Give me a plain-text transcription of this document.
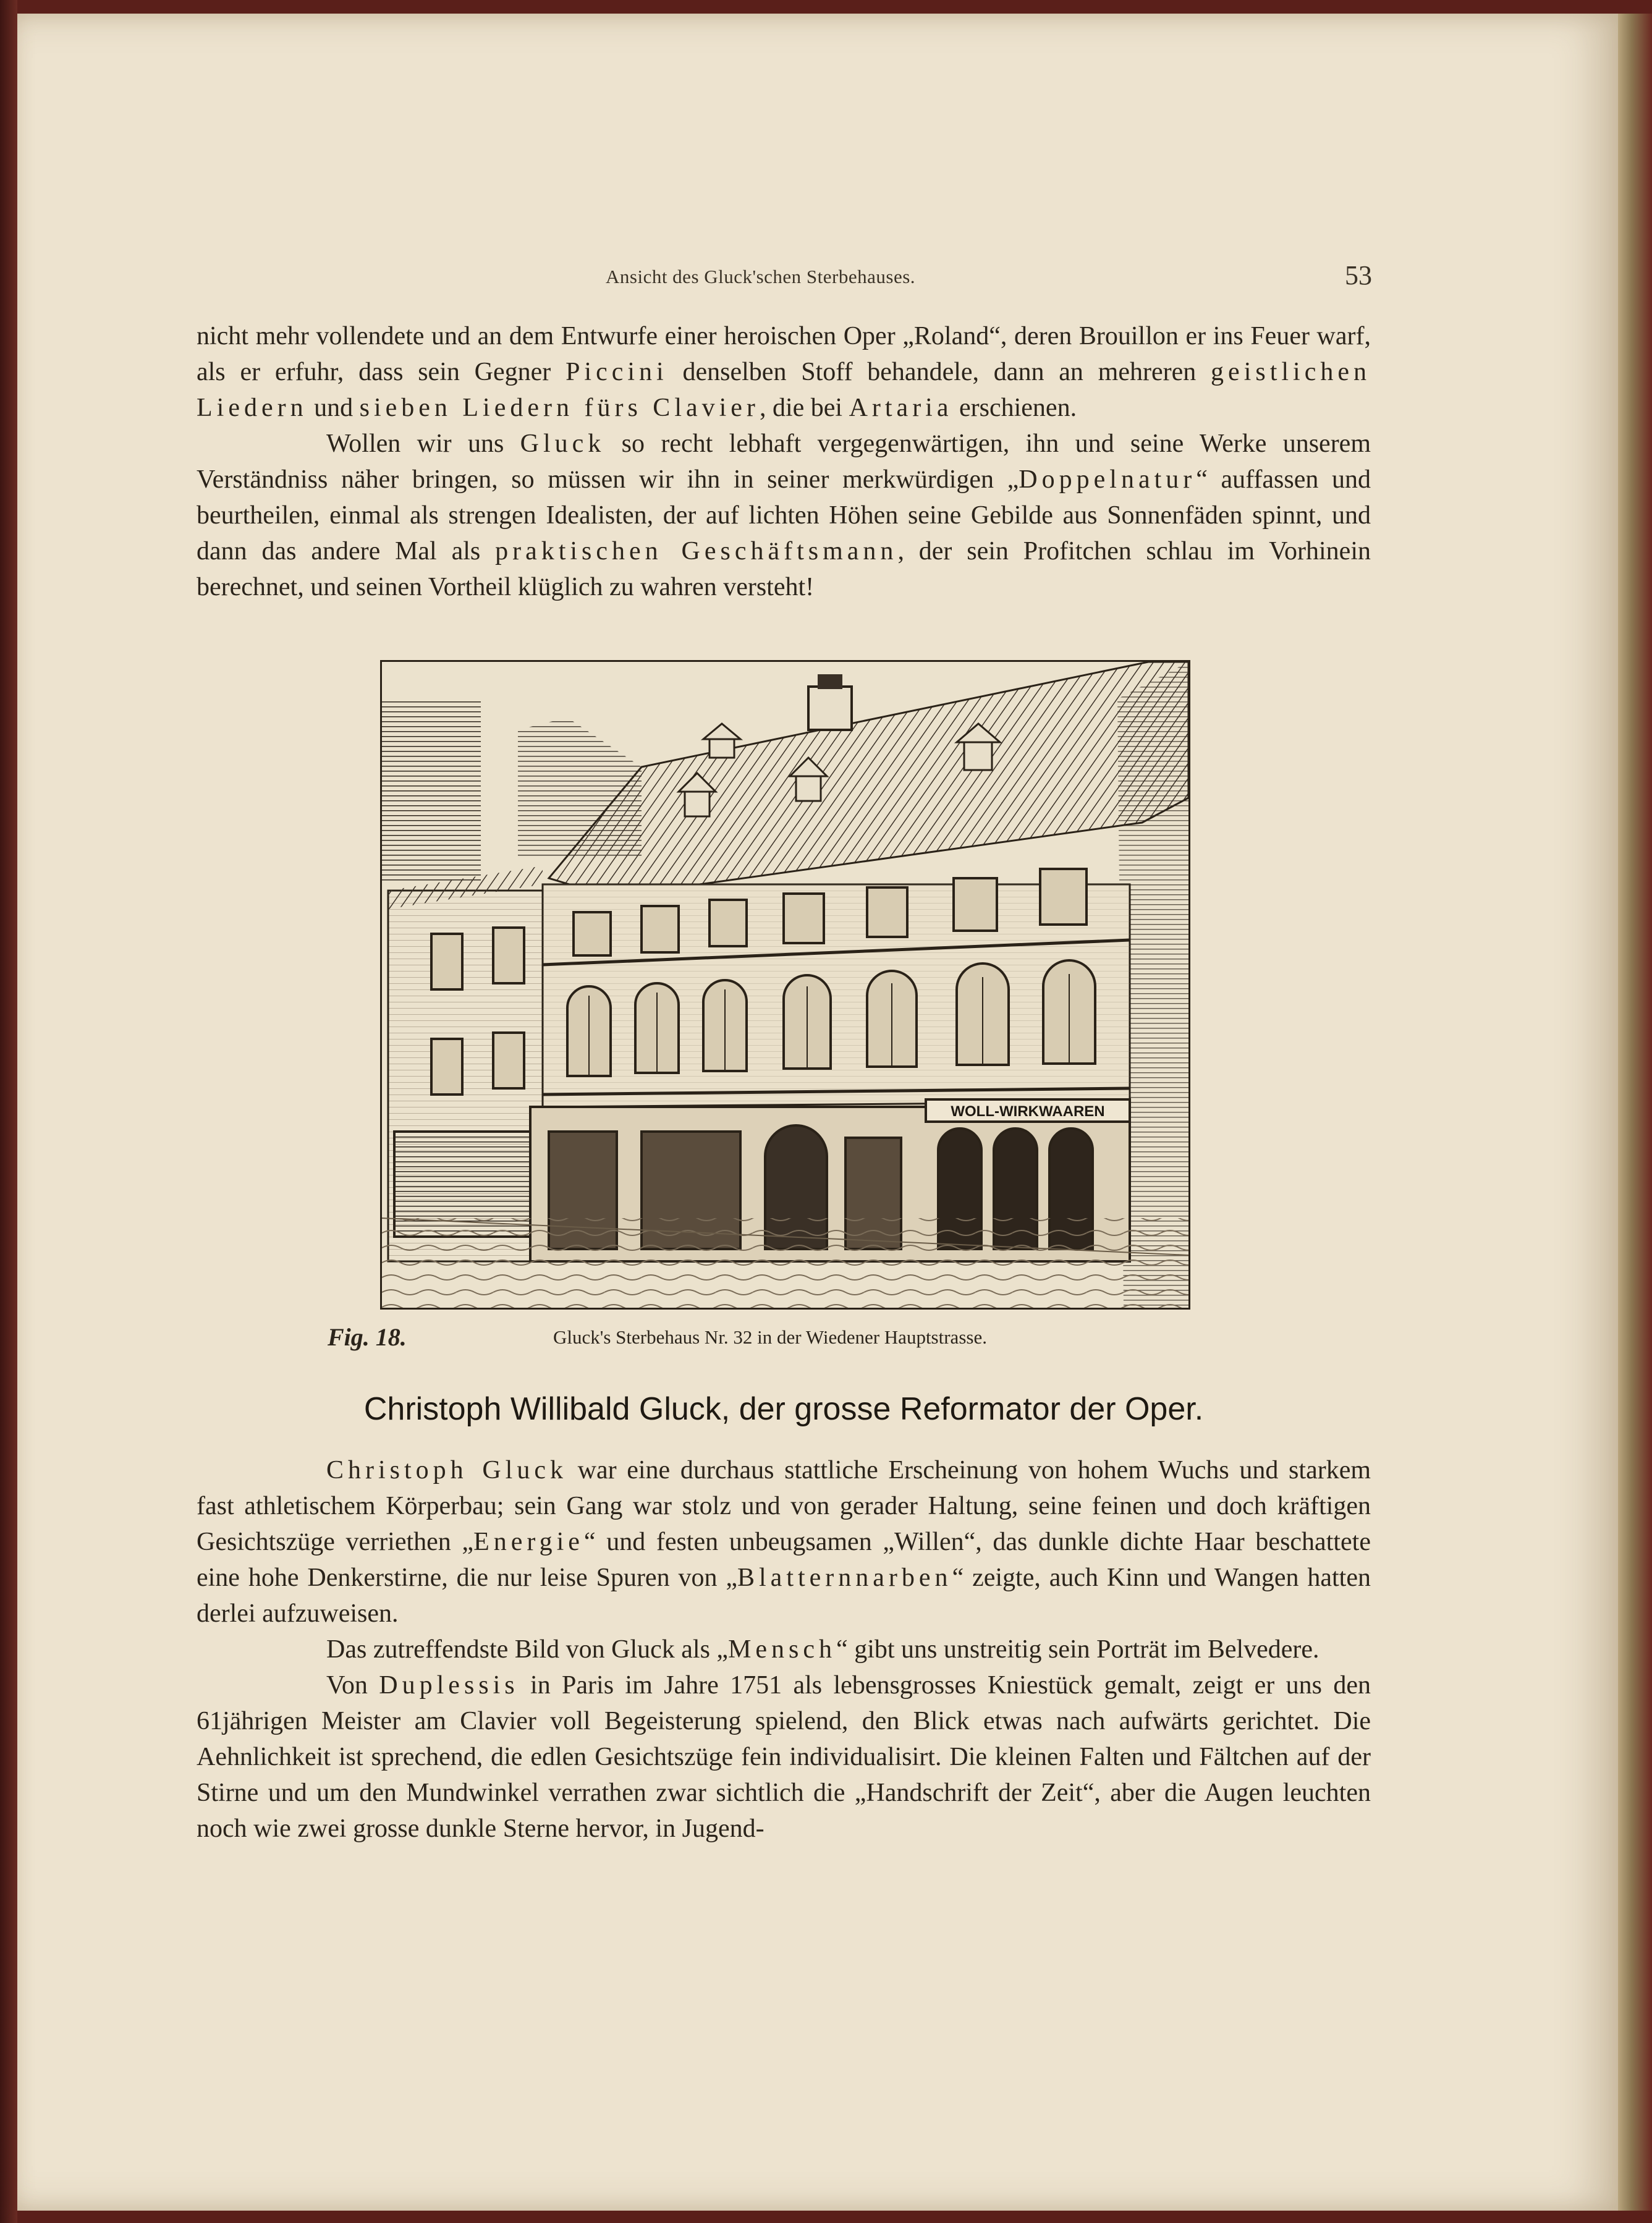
Ansicht des Gluck'schen Sterbehauses.	53

nicht mehr vollendete und an dem Entwurfe einer heroischen Oper „Roland“, deren Brouillon er ins Feuer warf, als er erfuhr, dass sein Gegner Piccini denselben Stoff behandele, dann an mehreren geistlichen Liedern und sieben Liedern fürs Clavier, die bei Artaria erschienen.

Wollen wir uns Gluck so recht lebhaft vergegenwärtigen, ihn und seine Werke unserem Verständniss näher bringen, so müssen wir ihn in seiner merkwürdigen „Doppelnatur“ auffassen und beurtheilen, einmal als strengen Idealisten, der auf lichten Höhen seine Gebilde aus Sonnenfäden spinnt, und dann das andere Mal als praktischen Geschäftsmann, der sein Profitchen schlau im Vorhinein berechnet, und seinen Vortheil klüglich zu wahren versteht!

WOLL-WIRKWAAREN
Fig. 18.	Gluck's Sterbehaus Nr. 32 in der Wiedener Hauptstrasse.
Christoph Willibald Gluck, der grosse Reformator der Oper.

Christoph Gluck war eine durchaus stattliche Erscheinung von hohem Wuchs und starkem fast athletischem Körperbau; sein Gang war stolz und von gerader Haltung, seine feinen und doch kräftigen Gesichtszüge verriethen „Energie“ und festen unbeugsamen „Willen“, das dunkle dichte Haar beschattete eine hohe Denkerstirne, die nur leise Spuren von „Blatternnarben“ zeigte, auch Kinn und Wangen hatten derlei aufzuweisen.

Das zutreffendste Bild von Gluck als „Mensch“ gibt uns unstreitig sein Porträt im Belvedere.

Von Duplessis in Paris im Jahre 1751 als lebensgrosses Kniestück gemalt, zeigt er uns den 61jährigen Meister am Clavier voll Begeisterung spielend, den Blick etwas nach aufwärts gerichtet. Die Aehnlichkeit ist sprechend, die edlen Gesichtszüge fein individualisirt. Die kleinen Falten und Fältchen auf der Stirne und um den Mundwinkel verrathen zwar sichtlich die „Handschrift der Zeit“, aber die Augen leuchten noch wie zwei grosse dunkle Sterne hervor, in Jugend-
